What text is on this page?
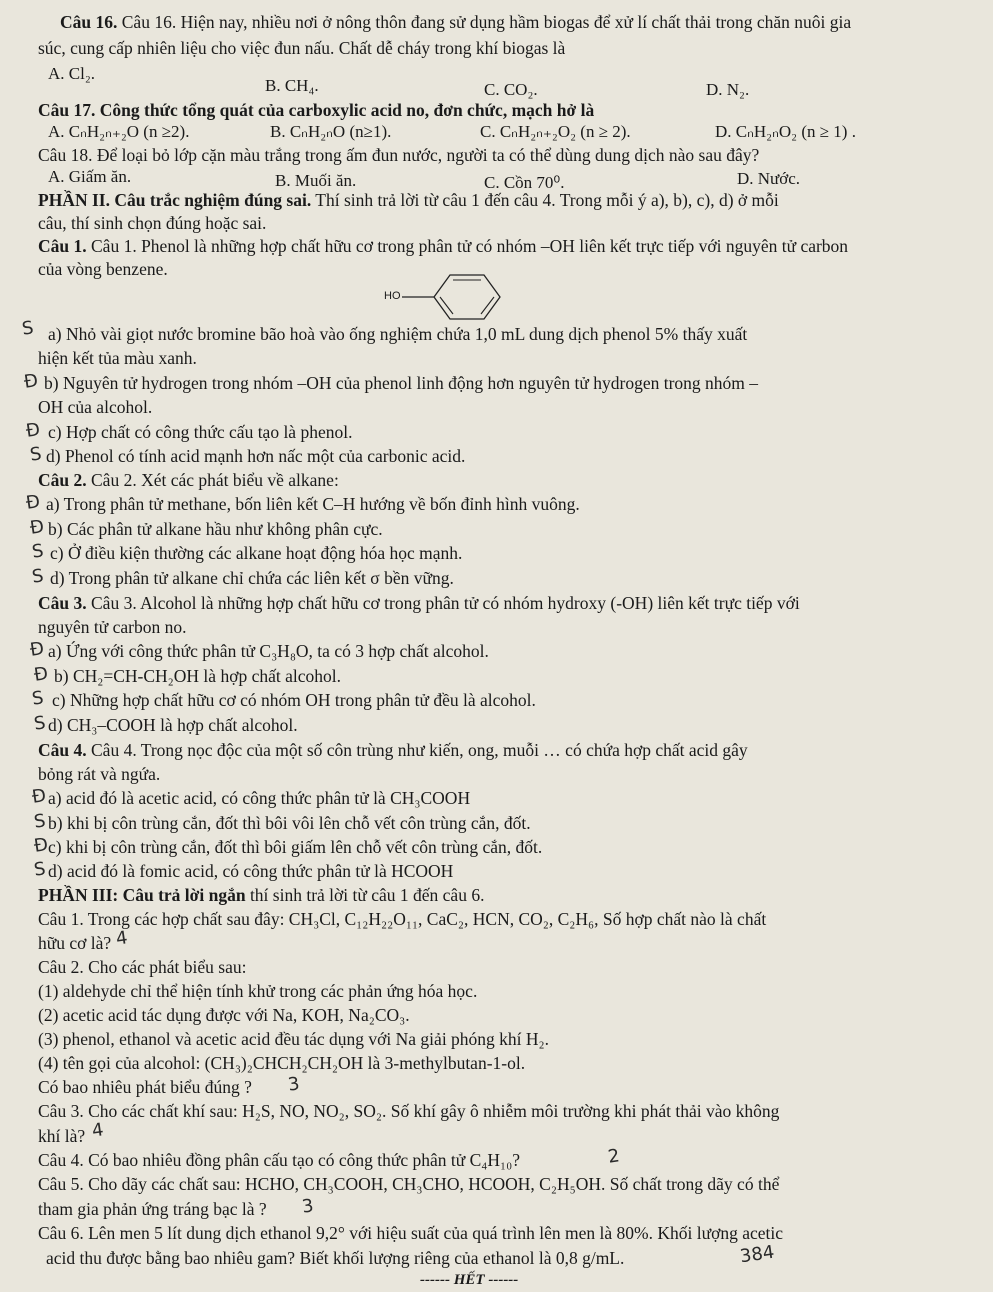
Câu 16. Câu 16. Hiện nay, nhiều nơi ở nông thôn đang sử dụng hầm biogas để xử lí chất thải trong chăn nuôi gia
súc, cung cấp nhiên liệu cho việc đun nấu. Chất dễ cháy trong khí biogas là
A. Cl₂.
B. CH₄.	C. CO₂.	D. N₂.
Câu 17. Công thức tổng quát của carboxylic acid no, đơn chức, mạch hở là
A. CₙH₂ₙ₊₂O (n ≥2).	B. CₙH₂ₙO (n≥1).	C. CₙH₂ₙ₊₂O₂ (n ≥ 2).	D. CₙH₂ₙO₂ (n ≥ 1) .
Câu 18. Để loại bỏ lớp cặn màu trắng trong ấm đun nước, người ta có thể dùng dung dịch nào sau đây?
A. Giấm ăn.	B. Muối ăn.	C. Cồn 70⁰.	D. Nước.
PHẦN II. Câu trắc nghiệm đúng sai. Thí sinh trả lời từ câu 1 đến câu 4. Trong mỗi ý a), b), c), d) ở mỗi
câu, thí sinh chọn đúng hoặc sai.
Câu 1. Câu 1. Phenol là những hợp chất hữu cơ trong phân tử có nhóm –OH liên kết trực tiếp với nguyên tử carbon
của vòng benzene.
HO
S a) Nhỏ vài giọt nước bromine bão hoà vào ống nghiệm chứa 1,0 mL dung dịch phenol 5% thấy xuất
hiện kết tủa màu xanh.
Đ b) Nguyên tử hydrogen trong nhóm –OH của phenol linh động hơn nguyên tử hydrogen trong nhóm –
OH của alcohol.
Đ c) Hợp chất có công thức cấu tạo là phenol.
S d) Phenol có tính acid mạnh hơn nấc một của carbonic acid.
Câu 2. Câu 2. Xét các phát biểu về alkane:
Đ a) Trong phân tử methane, bốn liên kết C–H hướng về bốn đỉnh hình vuông.
Đ b) Các phân tử alkane hầu như không phân cực.
S c) Ở điều kiện thường các alkane hoạt động hóa học mạnh.
S d) Trong phân tử alkane chỉ chứa các liên kết σ bền vững.
Câu 3. Câu 3. Alcohol là những hợp chất hữu cơ trong phân tử có nhóm hydroxy (-OH) liên kết trực tiếp với
nguyên tử carbon no.
Đ a) Ứng với công thức phân tử C₃H₈O, ta có 3 hợp chất alcohol.
Đ b) CH₂=CH-CH₂OH là hợp chất alcohol.
S c) Những hợp chất hữu cơ có nhóm OH trong phân tử đều là alcohol.
S d) CH₃–COOH là hợp chất alcohol.
Câu 4. Câu 4. Trong nọc độc của một số côn trùng như kiến, ong, muỗi … có chứa hợp chất acid gây
bỏng rát và ngứa.
Đ a) acid đó là acetic acid, có công thức phân tử là CH₃COOH
S b) khi bị côn trùng cắn, đốt thì bôi vôi lên chỗ vết côn trùng cắn, đốt.
Đ
c) khi bị côn trùng cắn, đốt thì bôi giấm lên chỗ vết côn trùng cắn, đốt.
S d) acid đó là fomic acid, có công thức phân tử là HCOOH
PHẦN III: Câu trả lời ngắn thí sinh trả lời từ câu 1 đến câu 6.
Câu 1. Trong các hợp chất sau đây: CH₃Cl, C₁₂H₂₂O₁₁, CaC₂, HCN, CO₂, C₂H₆, Số hợp chất nào là chất
hữu cơ là? 4
Câu 2. Cho các phát biểu sau:
(1) aldehyde chỉ thể hiện tính khử trong các phản ứng hóa học.
(2) acetic acid tác dụng được với Na, KOH, Na₂CO₃.
(3) phenol, ethanol và acetic acid đều tác dụng với Na giải phóng khí H₂.
(4) tên gọi của alcohol: (CH₃)₂CHCH₂CH₂OH là 3-methylbutan-1-ol.
Có bao nhiêu phát biểu đúng ? 3
Câu 3. Cho các chất khí sau: H₂S, NO, NO₂, SO₂. Số khí gây ô nhiễm môi trường khi phát thải vào không
khí là? 4
Câu 4. Có bao nhiêu đồng phân cấu tạo có công thức phân tử C₄H₁₀?	2
Câu 5. Cho dãy các chất sau: HCHO, CH₃COOH, CH₃CHO, HCOOH, C₂H₅OH. Số chất trong dãy có thể
tham gia phản ứng tráng bạc là ? 3
Câu 6. Lên men 5 lít dung dịch ethanol 9,2° với hiệu suất của quá trình lên men là 80%. Khối lượng acetic
acid thu được bằng bao nhiêu gam? Biết khối lượng riêng của ethanol là 0,8 g/mL.	384
------ HẾT ------
